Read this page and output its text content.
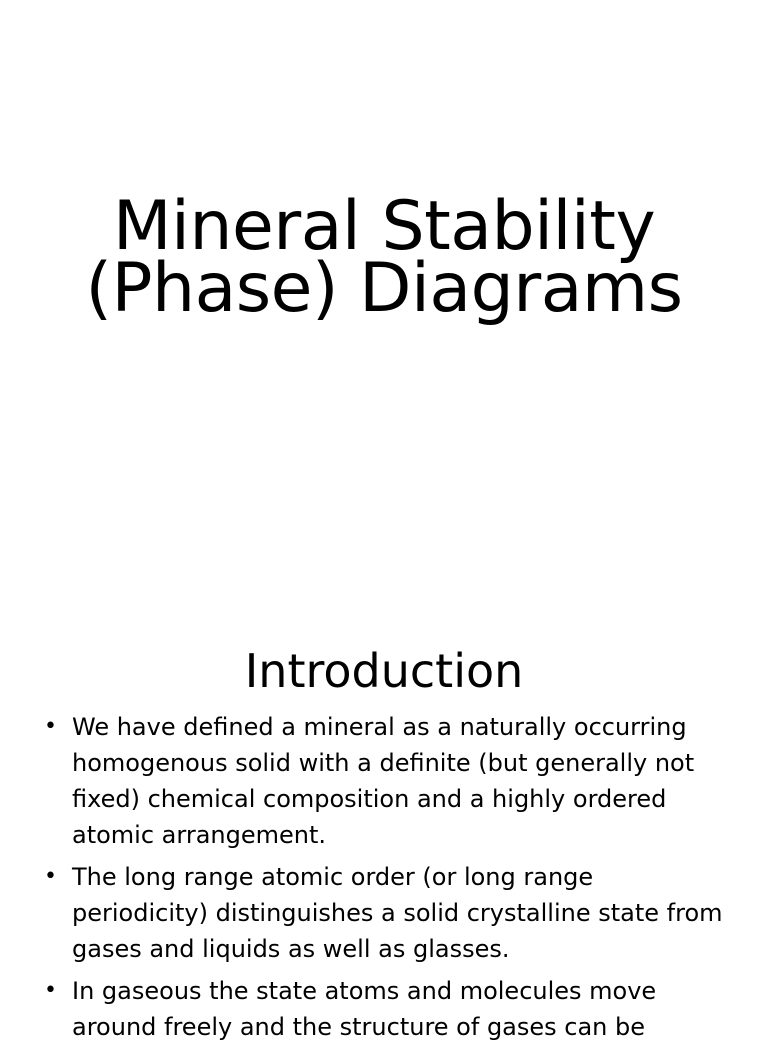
Mineral Stability
(Phase) Diagrams
Introduction
• We have defined a mineral as a naturally occurring homogenous solid with a definite (but generally not fixed) chemical composition and a highly ordered atomic arrangement.
• The long range atomic order (or long range periodicity) distinguishes a solid crystalline state from gases and liquids as well as glasses.
• In gaseous the state atoms and molecules move around freely and the structure of gases can be
